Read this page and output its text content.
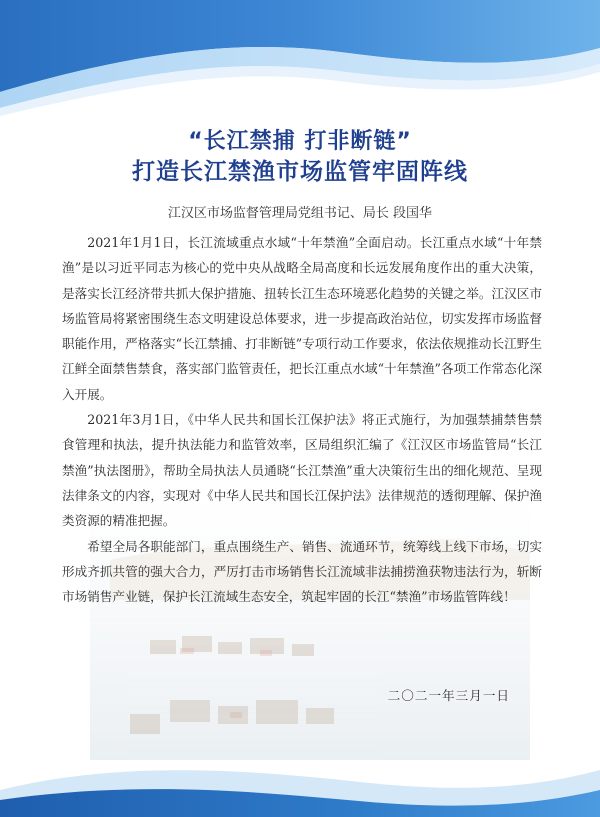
“长江禁捕 打非断链”
打造长江禁渔市场监管牢固阵线

江汉区市场监督管理局党组书记、局长 段国华

2021年1月1日，长江流域重点水域“十年禁渔”全面启动。长江重点水域“十年禁渔”是以习近平同志为核心的党中央从战略全局高度和长远发展角度作出的重大决策，是落实长江经济带共抓大保护措施、扭转长江生态环境恶化趋势的关键之举。江汉区市场监管局将紧密围绕生态文明建设总体要求，进一步提高政治站位，切实发挥市场监督职能作用，严格落实“长江禁捕、打非断链”专项行动工作要求，依法依规推动长江野生江鲜全面禁售禁食，落实部门监管责任，把长江重点水域“十年禁渔”各项工作常态化深入开展。

2021年3月1日，《中华人民共和国长江保护法》将正式施行，为加强禁捕禁售禁食管理和执法，提升执法能力和监管效率，区局组织汇编了《江汉区市场监管局“长江禁渔”执法图册》，帮助全局执法人员通晓“长江禁渔”重大决策衍生出的细化规范、呈现法律条文的内容，实现对《中华人民共和国长江保护法》法律规范的透彻理解、保护渔类资源的精准把握。

希望全局各职能部门，重点围绕生产、销售、流通环节，统筹线上线下市场，切实形成齐抓共管的强大合力，严厉打击市场销售长江流域非法捕捞渔获物违法行为，斩断市场销售产业链，保护长江流域生态安全，筑起牢固的长江“禁渔”市场监管阵线！

二〇二一年三月一日
